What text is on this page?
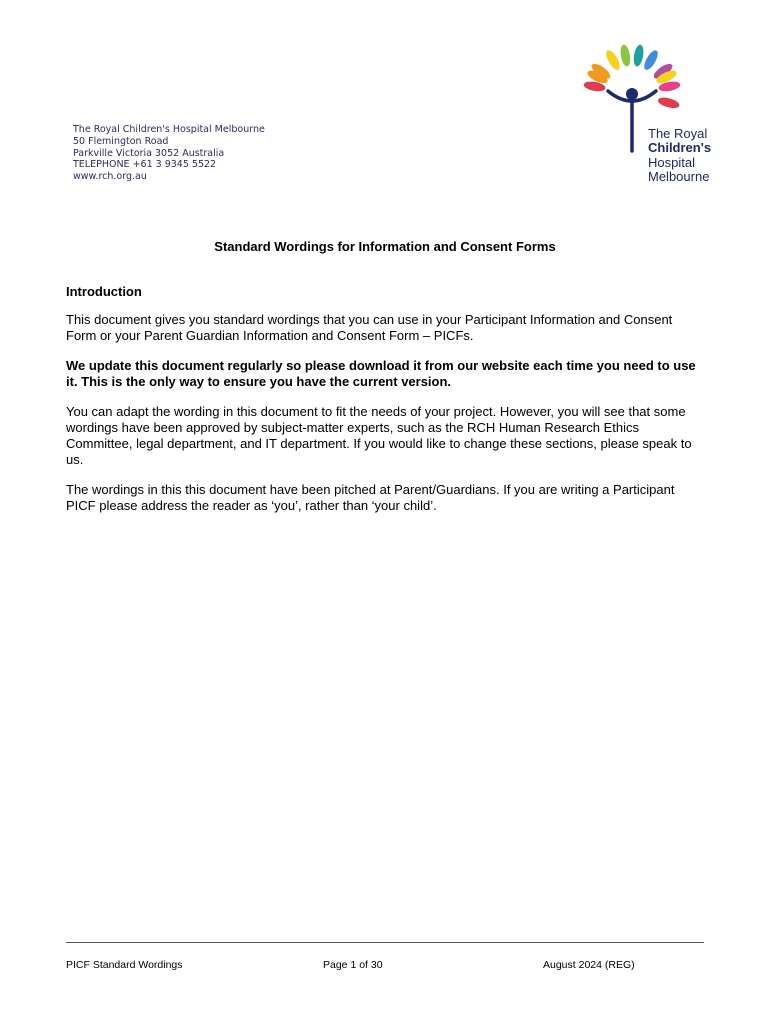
The Royal Children's Hospital Melbourne
50 Flemington Road
Parkville Victoria 3052 Australia
TELEPHONE +61 3 9345 5522
www.rch.org.au
The Royal
Children's
Hospital
Melbourne
Standard Wordings for Information and Consent Forms
Introduction

This document gives you standard wordings that you can use in your Participant Information and Consent Form or your Parent Guardian Information and Consent Form – PICFs.

We update this document regularly so please download it from our website each time you need to use it. This is the only way to ensure you have the current version.

You can adapt the wording in this document to fit the needs of your project. However, you will see that some wordings have been approved by subject-matter experts, such as the RCH Human Research Ethics Committee, legal department, and IT department. If you would like to change these sections, please speak to us.

The wordings in this this document have been pitched at Parent/Guardians. If you are writing a Participant PICF please address the reader as ‘you’, rather than ‘your child’.

PICF Standard Wordings	Page 1 of 30	August 2024 (REG)
